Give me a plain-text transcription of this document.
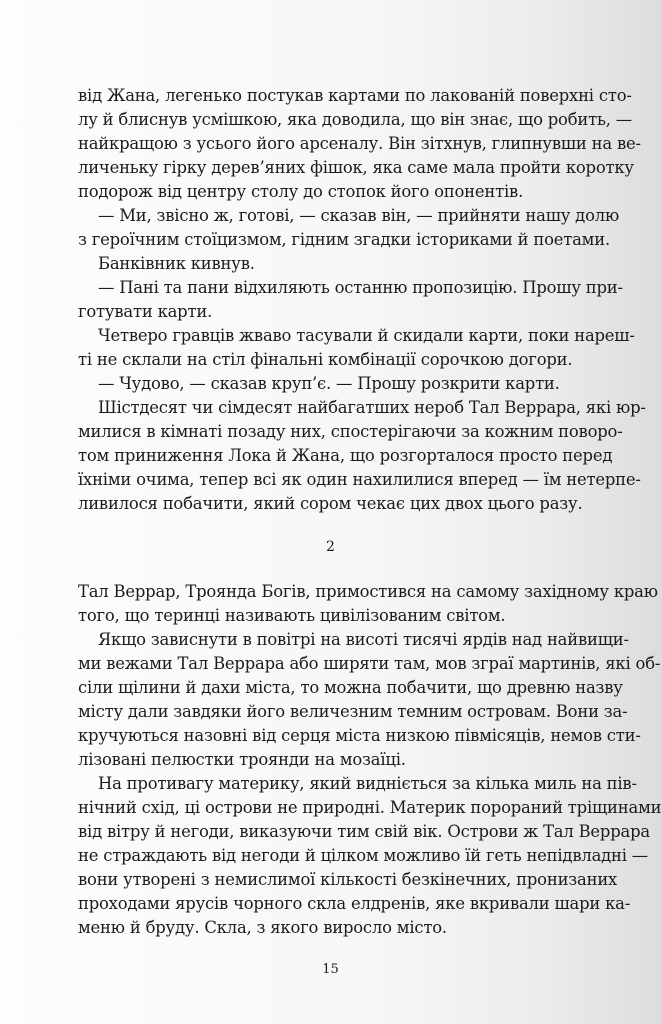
від Жана, легенько постукав картами по лакованій поверхні сто-
лу й блиснув усмішкою, яка доводила, що він знає, що робить, —
найкращою з усього його арсеналу. Він зітхнув, глипнувши на ве-
личеньку гірку дерев’яних фішок, яка саме мала пройти коротку
подорож від центру столу до стопок його опонентів.
— Ми, звісно ж, готові, — сказав він, — прийняти нашу долю
з героїчним стоїцизмом, гідним згадки істориками й поетами.
Банківник кивнув.
— Пані та пани відхиляють останню пропозицію. Прошу при-
готувати карти.
Четверо гравців жваво тасували й скидали карти, поки нареш-
ті не склали на стіл фінальні комбінації сорочкою догори.
— Чудово, — сказав круп’є. — Прошу розкрити карти.
Шістдесят чи сімдесят найбагатших нероб Тал Веррара, які юр-
милися в кімнаті позаду них, спостерігаючи за кожним поворо-
том приниження Лока й Жана, що розгорталося просто перед
їхніми очима, тепер всі як один нахилилися вперед — їм нетерпе-
ливилося побачити, який сором чекає цих двох цього разу.
2
Тал Веррар, Троянда Богів, примостився на самому західному краю
того, що теринці називають цивілізованим світом.
Якщо зависнути в повітрі на висоті тисячі ярдів над найвищи-
ми вежами Тал Веррара або ширяти там, мов зграї мартинів, які об-
сіли щілини й дахи міста, то можна побачити, що древню назву
місту дали завдяки його величезним темним островам. Вони за-
кручуються назовні від серця міста низкою півмісяців, немов сти-
лізовані пелюстки троянди на мозаїці.
На противагу материку, який видніється за кілька миль на пів-
нічний схід, ці острови не природні. Материк порораний тріщинами
від вітру й негоди, виказуючи тим свій вік. Острови ж Тал Веррара
не страждають від негоди й цілком можливо їй геть непідвладні —
вони утворені з немислимої кількості безкінечних, пронизаних
проходами ярусів чорного скла елдренів, яке вкривали шари ка-
меню й бруду. Скла, з якого виросло місто.
15
